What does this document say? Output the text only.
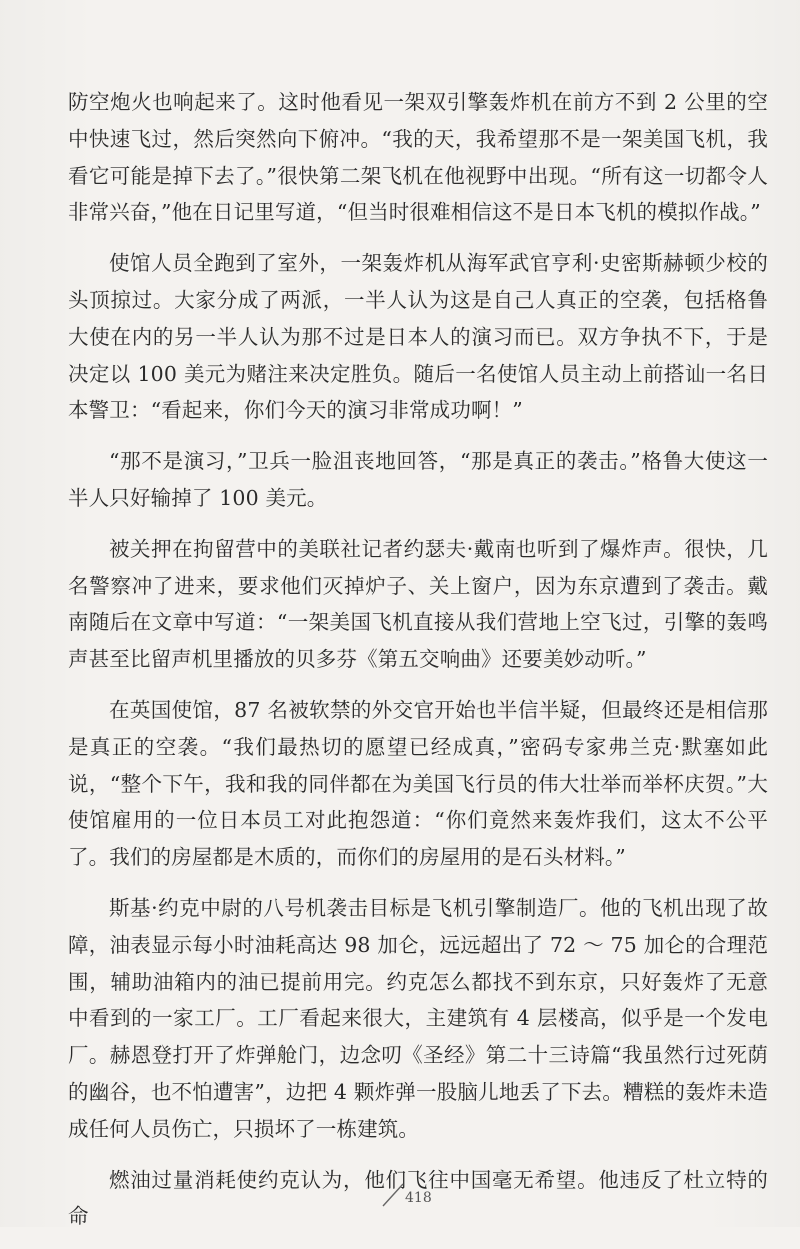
防空炮火也响起来了。这时他看见一架双引擎轰炸机在前方不到 2 公里的空中快速飞过，然后突然向下俯冲。“我的天，我希望那不是一架美国飞机，我看它可能是掉下去了。”很快第二架飞机在他视野中出现。“所有这一切都令人非常兴奋，”他在日记里写道，“但当时很难相信这不是日本飞机的模拟作战。”

使馆人员全跑到了室外，一架轰炸机从海军武官亨利·史密斯赫顿少校的头顶掠过。大家分成了两派，一半人认为这是自己人真正的空袭，包括格鲁大使在内的另一半人认为那不过是日本人的演习而已。双方争执不下，于是决定以 100 美元为赌注来决定胜负。随后一名使馆人员主动上前搭讪一名日本警卫：“看起来，你们今天的演习非常成功啊！”

“那不是演习，”卫兵一脸沮丧地回答，“那是真正的袭击。”格鲁大使这一半人只好输掉了 100 美元。

被关押在拘留营中的美联社记者约瑟夫·戴南也听到了爆炸声。很快，几名警察冲了进来，要求他们灭掉炉子、关上窗户，因为东京遭到了袭击。戴南随后在文章中写道：“一架美国飞机直接从我们营地上空飞过，引擎的轰鸣声甚至比留声机里播放的贝多芬《第五交响曲》还要美妙动听。”

在英国使馆，87 名被软禁的外交官开始也半信半疑，但最终还是相信那是真正的空袭。“我们最热切的愿望已经成真，”密码专家弗兰克·默塞如此说，“整个下午，我和我的同伴都在为美国飞行员的伟大壮举而举杯庆贺。”大使馆雇用的一位日本员工对此抱怨道：“你们竟然来轰炸我们，这太不公平了。我们的房屋都是木质的，而你们的房屋用的是石头材料。”

斯基·约克中尉的八号机袭击目标是飞机引擎制造厂。他的飞机出现了故障，油表显示每小时油耗高达 98 加仑，远远超出了 72 ～ 75 加仑的合理范围，辅助油箱内的油已提前用完。约克怎么都找不到东京，只好轰炸了无意中看到的一家工厂。工厂看起来很大，主建筑有 4 层楼高，似乎是一个发电厂。赫恩登打开了炸弹舱门，边念叨《圣经》第二十三诗篇“我虽然行过死荫的幽谷，也不怕遭害”，边把 4 颗炸弹一股脑儿地丢了下去。糟糕的轰炸未造成任何人员伤亡，只损坏了一栋建筑。

燃油过量消耗使约克认为，他们飞往中国毫无希望。他违反了杜立特的命

418
